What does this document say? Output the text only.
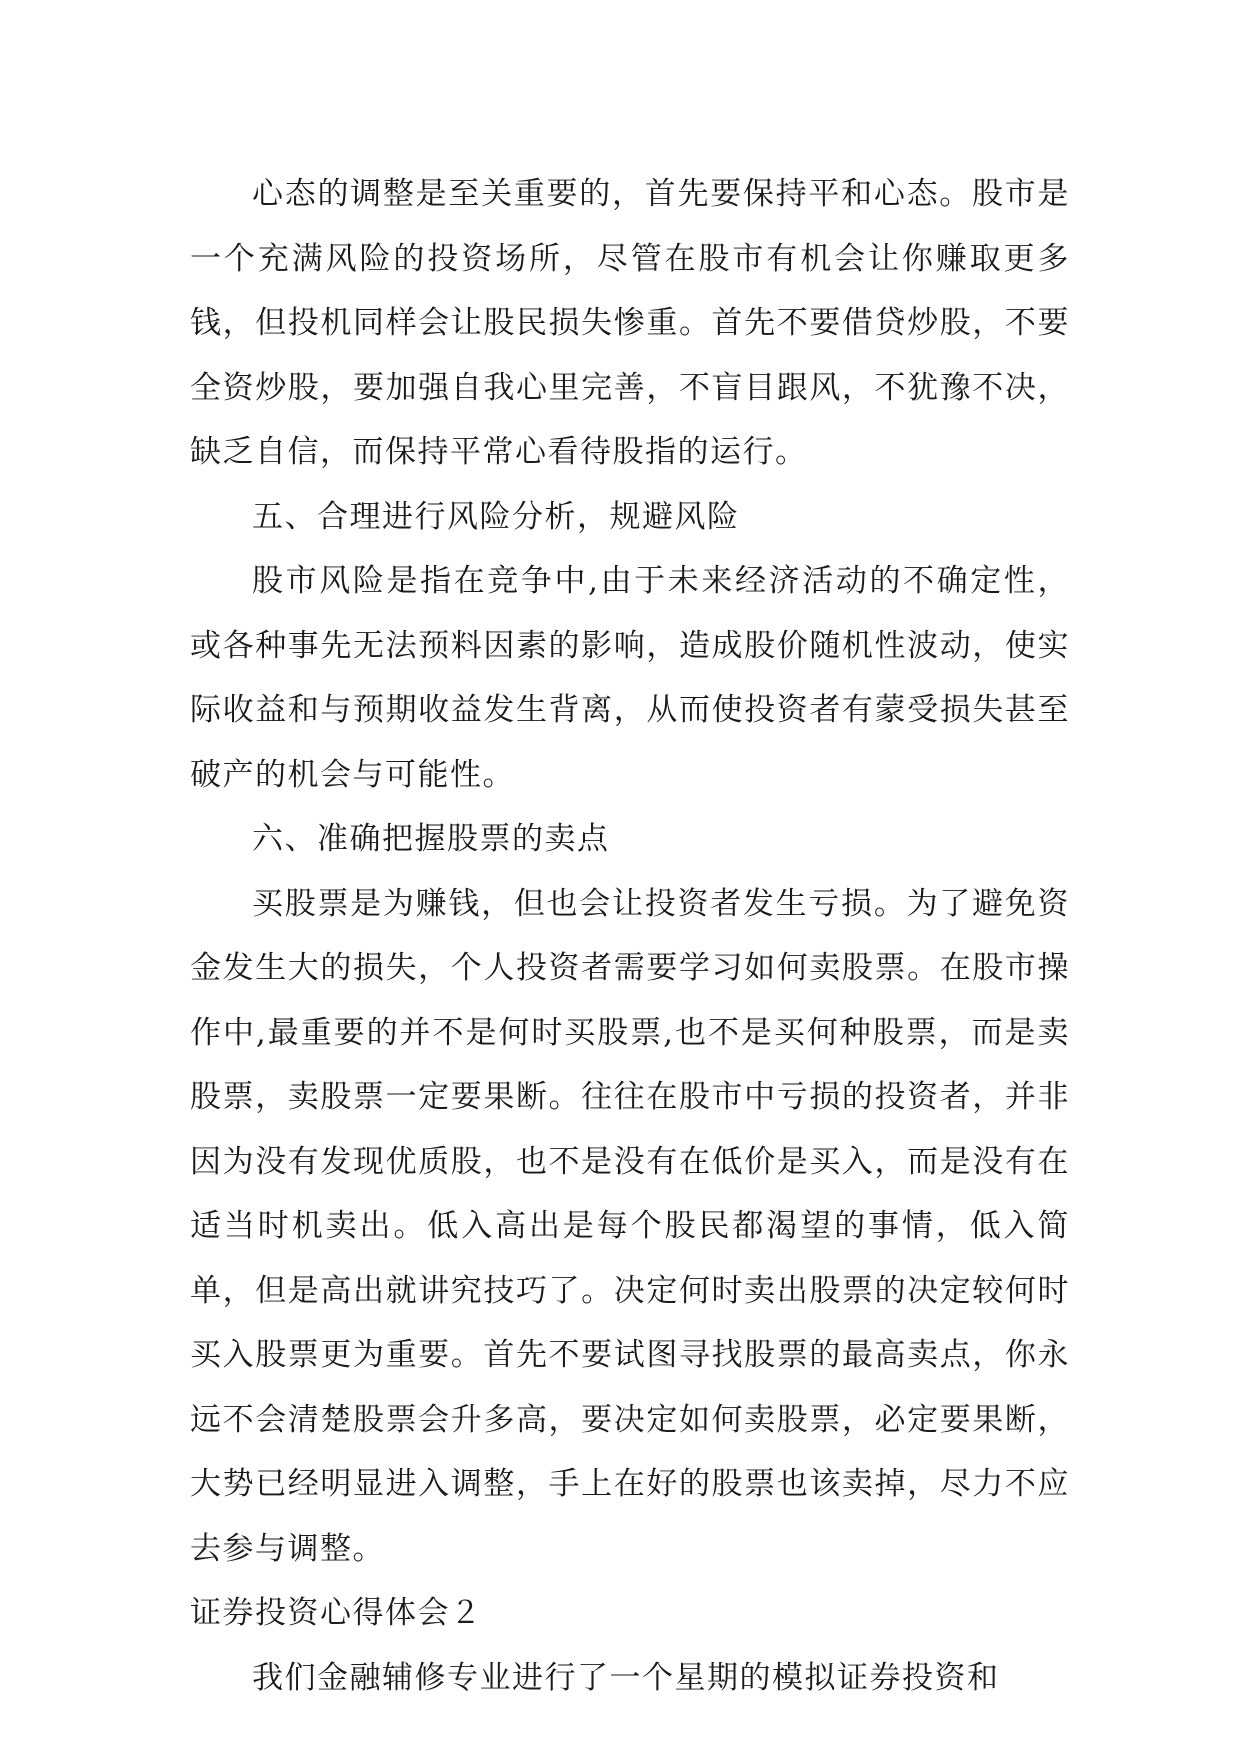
心态的调整是至关重要的，首先要保持平和心态。股市是一个充满风险的投资场所，尽管在股市有机会让你赚取更多钱，但投机同样会让股民损失惨重。首先不要借贷炒股，不要全资炒股，要加强自我心里完善，不盲目跟风，不犹豫不决，缺乏自信，而保持平常心看待股指的运行。

五、合理进行风险分析，规避风险

股市风险是指在竞争中,由于未来经济活动的不确定性，或各种事先无法预料因素的影响，造成股价随机性波动，使实际收益和与预期收益发生背离，从而使投资者有蒙受损失甚至破产的机会与可能性。

六、准确把握股票的卖点

买股票是为赚钱，但也会让投资者发生亏损。为了避免资金发生大的损失，个人投资者需要学习如何卖股票。在股市操作中,最重要的并不是何时买股票,也不是买何种股票，而是卖股票，卖股票一定要果断。往往在股市中亏损的投资者，并非因为没有发现优质股，也不是没有在低价是买入，而是没有在适当时机卖出。低入高出是每个股民都渴望的事情，低入简单，但是高出就讲究技巧了。决定何时卖出股票的决定较何时买入股票更为重要。首先不要试图寻找股票的最高卖点，你永远不会清楚股票会升多高，要决定如何卖股票，必定要果断，大势已经明显进入调整，手上在好的股票也该卖掉，尽力不应去参与调整。

证券投资心得体会２

我们金融辅修专业进行了一个星期的模拟证券投资和
